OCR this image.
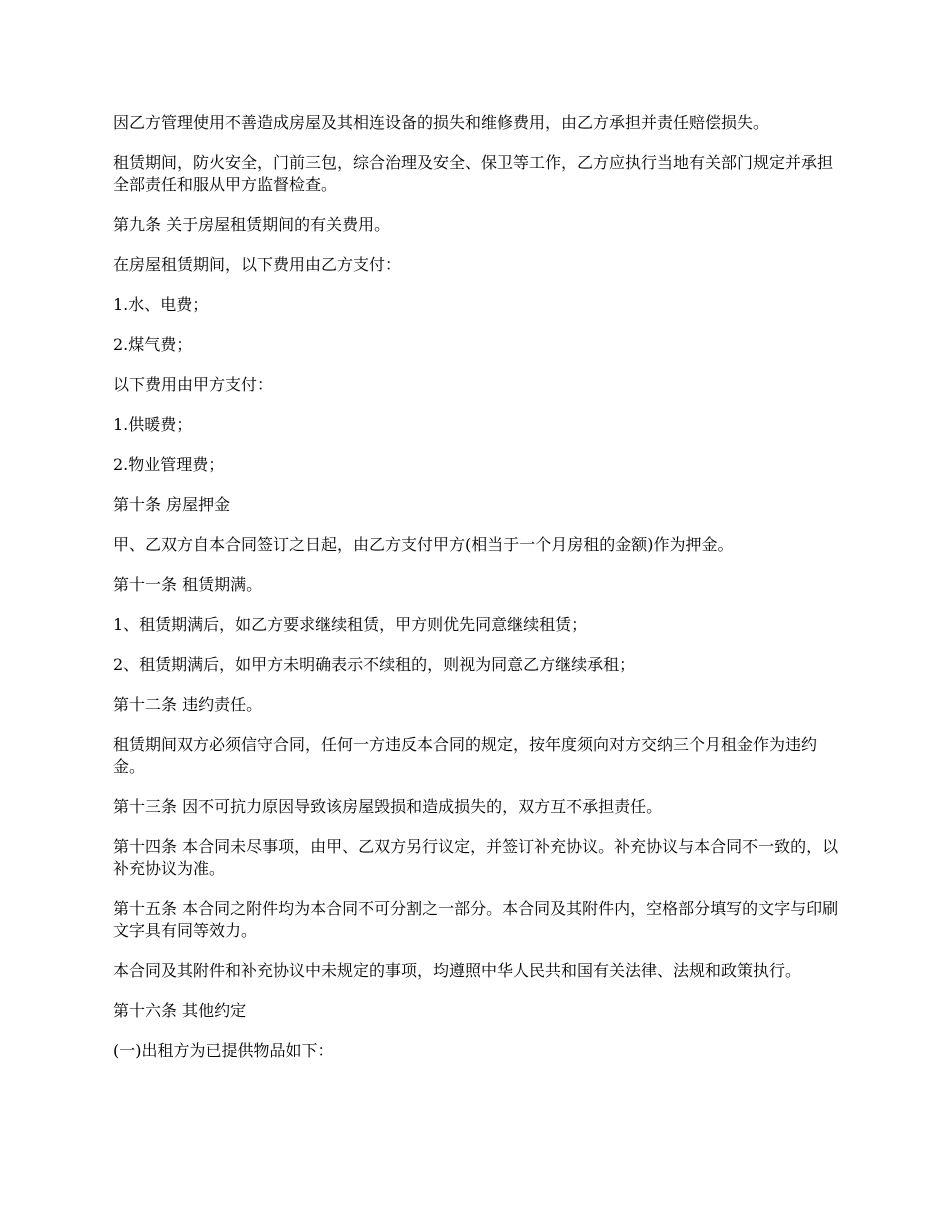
因乙方管理使用不善造成房屋及其相连设备的损失和维修费用，由乙方承担并责任赔偿损失。

租赁期间，防火安全，门前三包，综合治理及安全、保卫等工作，乙方应执行当地有关部门规定并承担全部责任和服从甲方监督检查。

第九条 关于房屋租赁期间的有关费用。

在房屋租赁期间，以下费用由乙方支付：

1.水、电费；

2.煤气费；

以下费用由甲方支付：

1.供暖费；

2.物业管理费；

第十条 房屋押金

甲、乙双方自本合同签订之日起，由乙方支付甲方(相当于一个月房租的金额)作为押金。

第十一条 租赁期满。

1、租赁期满后，如乙方要求继续租赁，甲方则优先同意继续租赁；

2、租赁期满后，如甲方未明确表示不续租的，则视为同意乙方继续承租；

第十二条 违约责任。

租赁期间双方必须信守合同，任何一方违反本合同的规定，按年度须向对方交纳三个月租金作为违约金。

第十三条 因不可抗力原因导致该房屋毁损和造成损失的，双方互不承担责任。

第十四条 本合同未尽事项，由甲、乙双方另行议定，并签订补充协议。补充协议与本合同不一致的，以补充协议为准。

第十五条 本合同之附件均为本合同不可分割之一部分。本合同及其附件内，空格部分填写的文字与印刷文字具有同等效力。

本合同及其附件和补充协议中未规定的事项，均遵照中华人民共和国有关法律、法规和政策执行。

第十六条 其他约定

(一)出租方为已提供物品如下：
